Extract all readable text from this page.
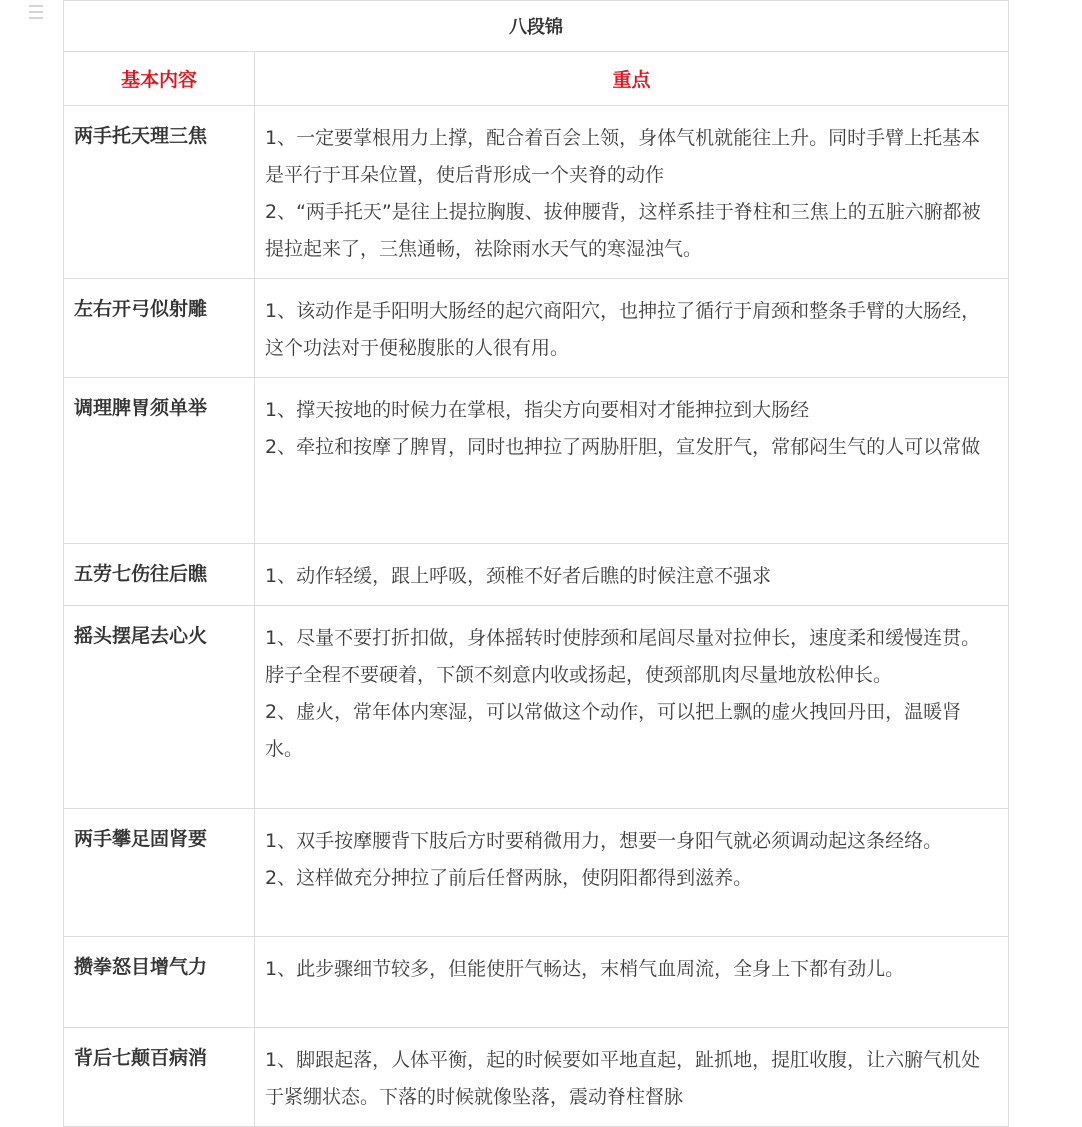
八段锦	
基本内容	重点
两手托天理三焦	1、一定要掌根用力上撑，配合着百会上领，身体气机就能往上升。同时手臂上托基本是平行于耳朵位置，使后背形成一个夹脊的动作

2、“两手托天”是往上提拉胸腹、拔伸腰背，这样系挂于脊柱和三焦上的五脏六腑都被提拉起来了，三焦通畅，祛除雨水天气的寒湿浊气。

左右开弓似射雕	1、该动作是手阳明大肠经的起穴商阳穴，也抻拉了循行于肩颈和整条手臂的大肠经，这个功法对于便秘腹胀的人很有用。

调理脾胃须单举	1、撑天按地的时候力在掌根，指尖方向要相对才能抻拉到大肠经

2、牵拉和按摩了脾胃，同时也抻拉了两胁肝胆，宣发肝气，常郁闷生气的人可以常做

五劳七伤往后瞧	1、动作轻缓，跟上呼吸，颈椎不好者后瞧的时候注意不强求

摇头摆尾去心火	1、尽量不要打折扣做，身体摇转时使脖颈和尾闾尽量对拉伸长，速度柔和缓慢连贯。脖子全程不要硬着，下颌不刻意内收或扬起，使颈部肌肉尽量地放松伸长。

2、虚火，常年体内寒湿，可以常做这个动作，可以把上飘的虚火拽回丹田，温暖肾水。

两手攀足固肾要	1、双手按摩腰背下肢后方时要稍微用力，想要一身阳气就必须调动起这条经络。

2、这样做充分抻拉了前后任督两脉，使阴阳都得到滋养。

攒拳怒目增气力	1、此步骤细节较多，但能使肝气畅达，末梢气血周流，全身上下都有劲儿。

背后七颠百病消	1、脚跟起落，人体平衡，起的时候要如平地直起，趾抓地，提肛收腹，让六腑气机处于紧绷状态。下落的时候就像坠落，震动脊柱督脉
